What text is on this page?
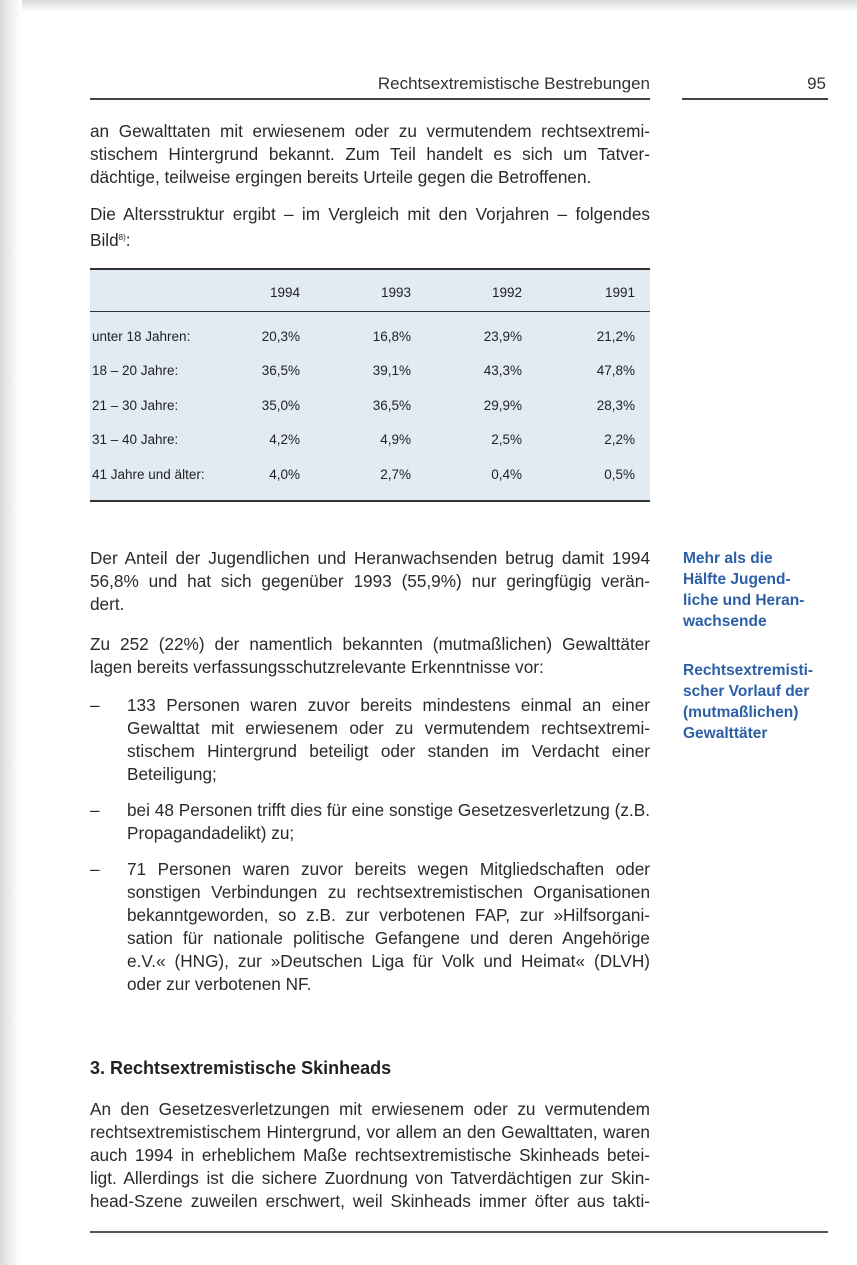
Rechtsextremistische Bestrebungen	95
an Gewalttaten mit erwiesenem oder zu vermutendem rechtsextremi-
stischem Hintergrund bekannt. Zum Teil handelt es sich um Tatver-
dächtige, teilweise ergingen bereits Urteile gegen die Betroffenen.
Die Altersstruktur ergibt – im Vergleich mit den Vorjahren – folgendes
Bild$^{8)}$:
1994	1993	1992	1991
unter 18 Jahren:	20,3%	16,8%	23,9%	21,2%
18 – 20 Jahre:	36,5%	39,1%	43,3%	47,8%
21 – 30 Jahre:	35,0%	36,5%	29,9%	28,3%
31 – 40 Jahre:	4,2%	4,9%	2,5%	2,2%
41 Jahre und älter:	4,0%	2,7%	0,4%	0,5%
Der Anteil der Jugendlichen und Heranwachsenden betrug damit 1994
56,8% und hat sich gegenüber 1993 (55,9%) nur geringfügig verän-
dert.
Zu 252 (22%) der namentlich bekannten (mutmaßlichen) Gewalttäter
lagen bereits verfassungsschutzrelevante Erkenntnisse vor:
– 133 Personen waren zuvor bereits mindestens einmal an einer Gewalttat mit erwiesenem oder zu vermutendem rechtsextremistischem Hintergrund beteiligt oder standen im Verdacht einer Beteiligung;
– bei 48 Personen trifft dies für eine sonstige Gesetzesverletzung (z.B. Propagandadelikt) zu;
– 71 Personen waren zuvor bereits wegen Mitgliedschaften oder sonstigen Verbindungen zu rechtsextremistischen Organisationen bekanntgeworden, so z.B. zur verbotenen FAP, zur »Hilfsorganisation für nationale politische Gefangene und deren Angehörige e.V.« (HNG), zur »Deutschen Liga für Volk und Heimat« (DLVH) oder zur verbotenen NF.
3. Rechtsextremistische Skinheads
An den Gesetzesverletzungen mit erwiesenem oder zu vermutendem
rechtsextremistischem Hintergrund, vor allem an den Gewalttaten, waren
auch 1994 in erheblichem Maße rechtsextremistische Skinheads betei-
ligt. Allerdings ist die sichere Zuordnung von Tatverdächtigen zur Skin-
head-Szene zuweilen erschwert, weil Skinheads immer öfter aus takti-
Mehr als die
Hälfte Jugend-
liche und Heran-
wachsende
Rechtsextremisti-
scher Vorlauf der
(mutmaßlichen)
Gewalttäter
